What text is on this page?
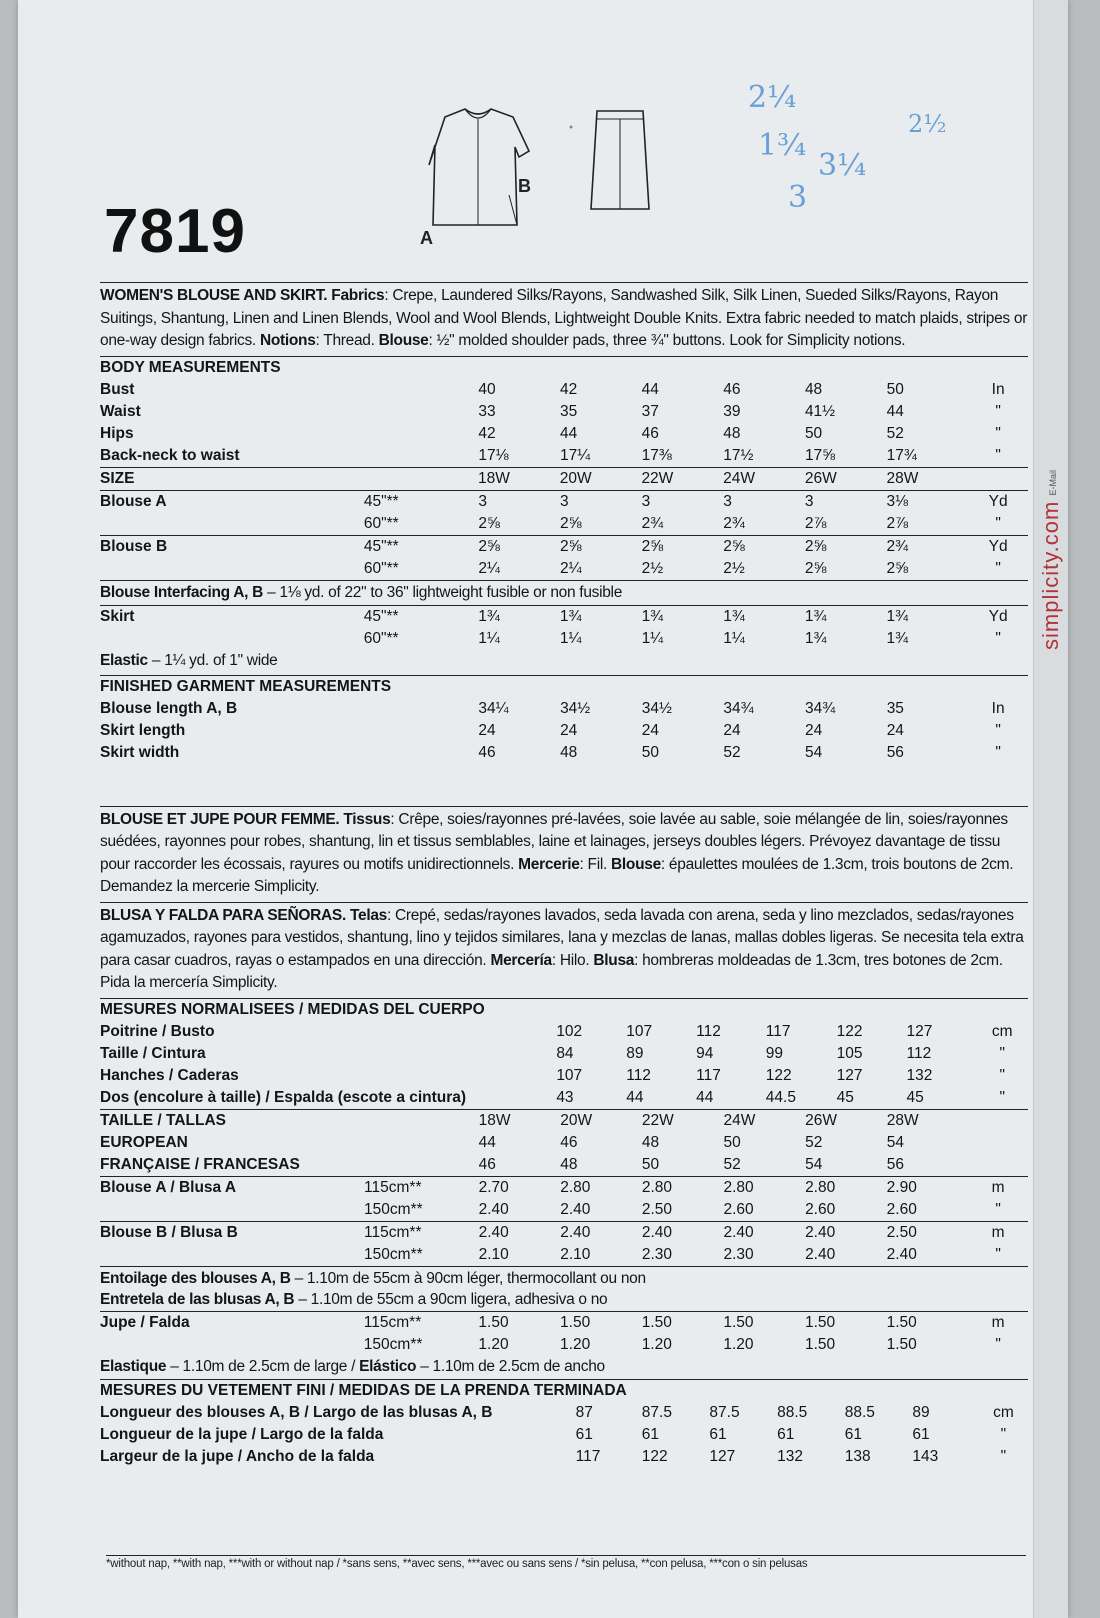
simplicity.com
E-Mail
7819	A
B
2¼
1¾
3
3¼
2½
WOMEN'S BLOUSE AND SKIRT. Fabrics: Crepe, Laundered Silks/Rayons, Sandwashed Silk, Silk Linen, Sueded Silks/Rayons, Rayon Suitings, Shantung, Linen and Linen Blends, Wool and Wool Blends, Lightweight Double Knits. Extra fabric needed to match plaids, stripes or one-way design fabrics. Notions: Thread. Blouse: ½" molded shoulder pads, three ¾" buttons. Look for Simplicity notions.
BODY MEASUREMENTS								
Bust		40	42	44	46	48	50	In
Waist		33	35	37	39	41½	44	"
Hips		42	44	46	48	50	52	"
Back-neck to waist		17⅛	17¼	17⅜	17½	17⅝	17¾	"
SIZE		18W	20W	22W	24W	26W	28W	
Blouse A	45"**	3	3	3	3	3	3⅛	Yd
	60"**	2⅝	2⅝	2¾	2¾	2⅞	2⅞	"
Blouse B	45"**	2⅝	2⅝	2⅝	2⅝	2⅝	2¾	Yd
	60"**	2¼	2¼	2½	2½	2⅝	2⅝	"
Blouse Interfacing A, B – 1⅛ yd. of 22" to 36" lightweight fusible or non fusible
Skirt	45"**	1¾	1¾	1¾	1¾	1¾	1¾	Yd
	60"**	1¼	1¼	1¼	1¼	1¾	1¾	"
Elastic – 1¼ yd. of 1" wide
FINISHED GARMENT MEASUREMENTS								
Blouse length A, B		34¼	34½	34½	34¾	34¾	35	In
Skirt length		24	24	24	24	24	24	"
Skirt width		46	48	50	52	54	56	"
BLOUSE ET JUPE POUR FEMME. Tissus: Crêpe, soies/rayonnes pré-lavées, soie lavée au sable, soie mélangée de lin, soies/rayonnes suédées, rayonnes pour robes, shantung, lin et tissus semblables, laine et lainages, jerseys doubles légers. Prévoyez davantage de tissu pour raccorder les écossais, rayures ou motifs unidirectionnels. Mercerie: Fil. Blouse: épaulettes moulées de 1.3cm, trois boutons de 2cm. Demandez la mercerie Simplicity.
BLUSA Y FALDA PARA SEÑORAS. Telas: Crepé, sedas/rayones lavados, seda lavada con arena, seda y lino mezclados, sedas/rayones agamuzados, rayones para vestidos, shantung, lino y tejidos similares, lana y mezclas de lanas, mallas dobles ligeras. Se necesita tela extra para casar cuadros, rayas o estampados en una dirección. Mercería: Hilo. Blusa: hombreras moldeadas de 1.3cm, tres botones de 2cm. Pida la mercería Simplicity.
MESURES NORMALISEES / MEDIDAS DEL CUERPO								
Poitrine / Busto		102	107	112	117	122	127	cm
Taille / Cintura		84	89	94	99	105	112	"
Hanches / Caderas		107	112	117	122	127	132	"
Dos (encolure à taille) / Espalda (escote a cintura)		43	44	44	44.5	45	45	"
TAILLE / TALLAS		18W	20W	22W	24W	26W	28W	
EUROPEAN		44	46	48	50	52	54	
FRANÇAISE / FRANCESAS		46	48	50	52	54	56	
Blouse A / Blusa A	115cm**	2.70	2.80	2.80	2.80	2.80	2.90	m
	150cm**	2.40	2.40	2.50	2.60	2.60	2.60	"
Blouse B / Blusa B	115cm**	2.40	2.40	2.40	2.40	2.40	2.50	m
	150cm**	2.10	2.10	2.30	2.30	2.40	2.40	"
Entoilage des blouses A, B – 1.10m de 55cm à 90cm léger, thermocollant ou non
Entretela de las blusas A, B – 1.10m de 55cm a 90cm ligera, adhesiva o no
Jupe / Falda	115cm**	1.50	1.50	1.50	1.50	1.50	1.50	m
	150cm**	1.20	1.20	1.20	1.20	1.50	1.50	"
Elastique – 1.10m de 2.5cm de large / Elástico – 1.10m de 2.5cm de ancho
MESURES DU VETEMENT FINI / MEDIDAS DE LA PRENDA TERMINADA								
Longueur des blouses A, B / Largo de las blusas A, B		87	87.5	87.5	88.5	88.5	89	cm
Longueur de la jupe / Largo de la falda		61	61	61	61	61	61	"
Largeur de la jupe / Ancho de la falda		117	122	127	132	138	143	"
*without nap, **with nap, ***with or without nap / *sans sens, **avec sens, ***avec ou sans sens / *sin pelusa, **con pelusa, ***con o sin pelusas
